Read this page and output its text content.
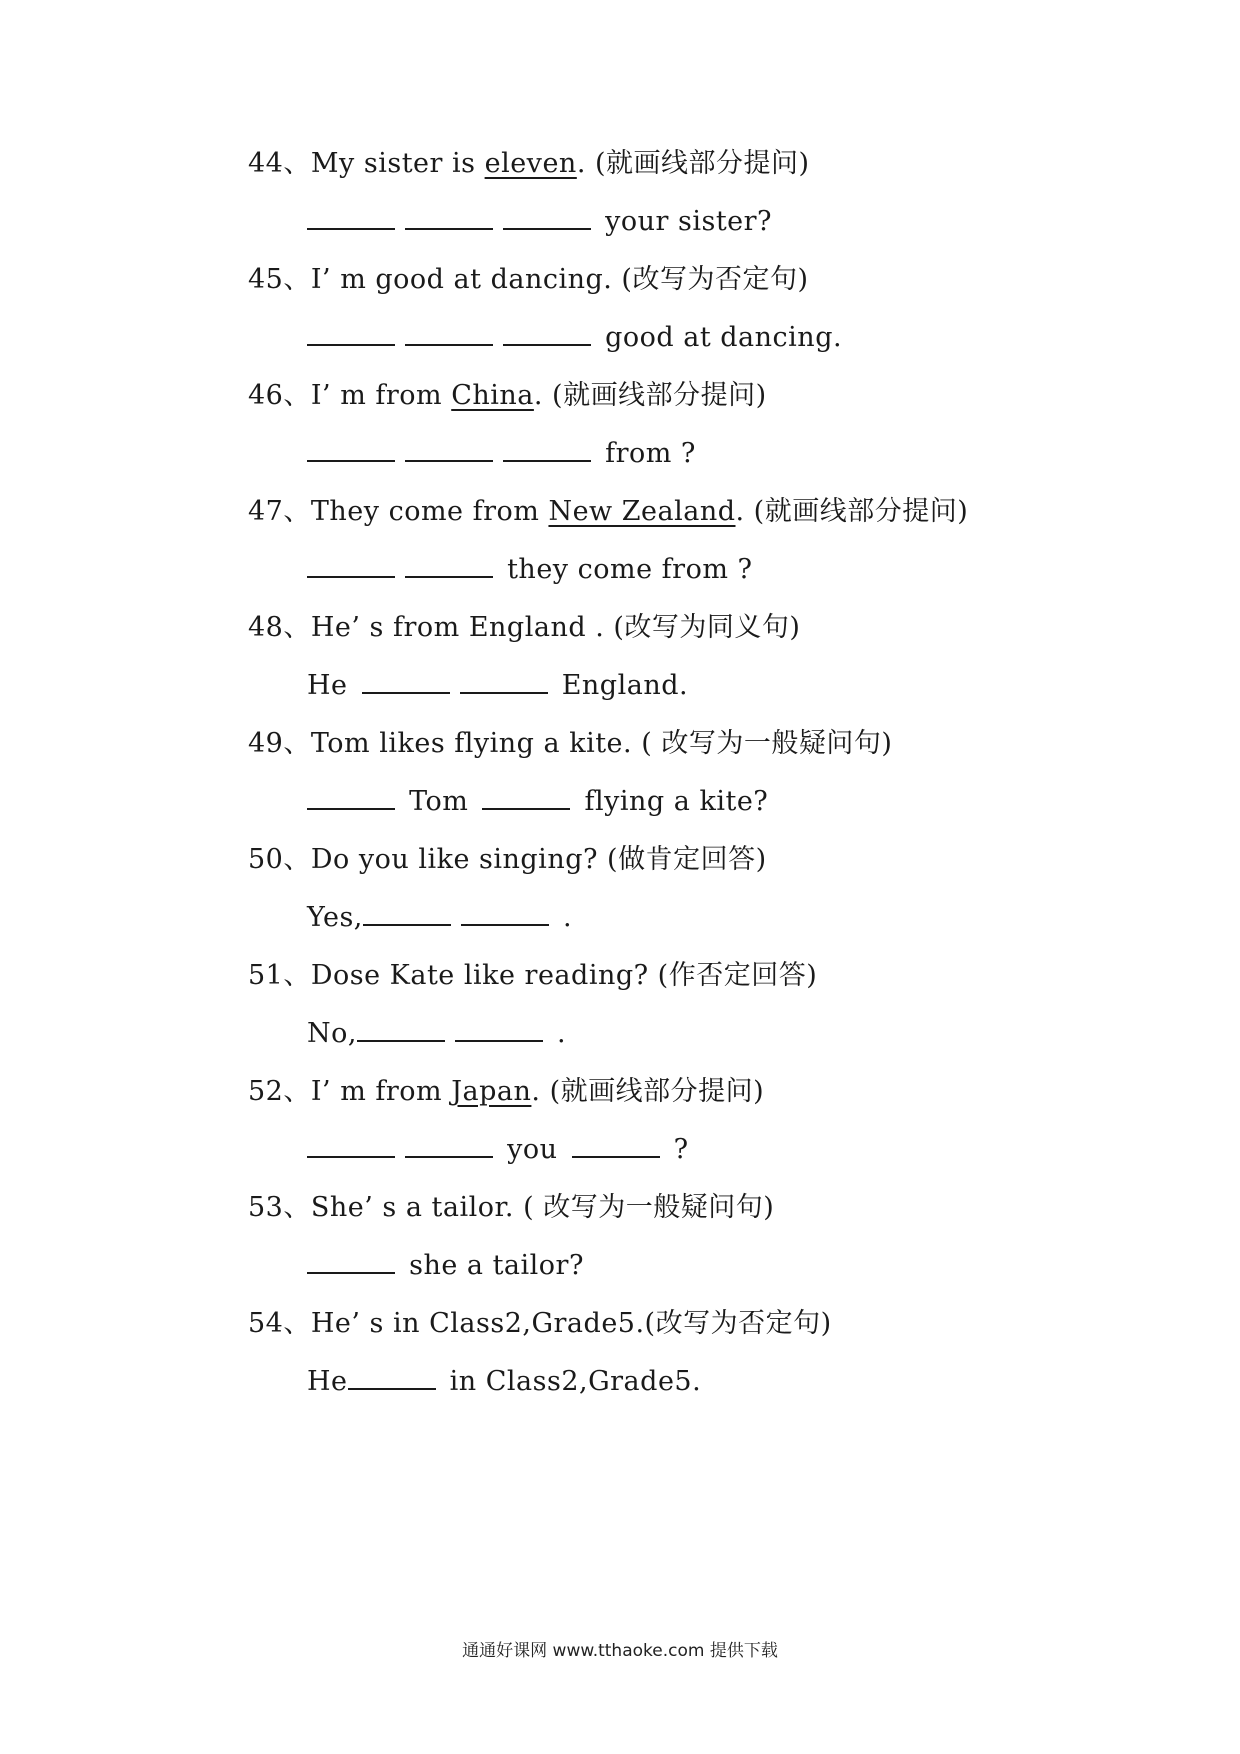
44、My sister is eleven. (就画线部分提问)
your sister?
45、I’ m good at dancing. (改写为否定句)
good at dancing.
46、I’ m from China. (就画线部分提问)
from ?
47、They come from New Zealand. (就画线部分提问)
they come from ?
48、He’ s from England . (改写为同义句)
He	England.
49、Tom likes flying a kite. ( 改写为一般疑问句)
Tom	flying a kite?
50、Do you like singing? (做肯定回答)
Yes,	.
51、Dose Kate like reading? (作否定回答)
No,	.
52、I’ m from Japan. (就画线部分提问)
you	?
53、She’ s a tailor. ( 改写为一般疑问句)
she a tailor?
54、He’ s in Class2,Grade5.(改写为否定句)
He	in Class2,Grade5.
通通好课网 www.tthaoke.com 提供下载
